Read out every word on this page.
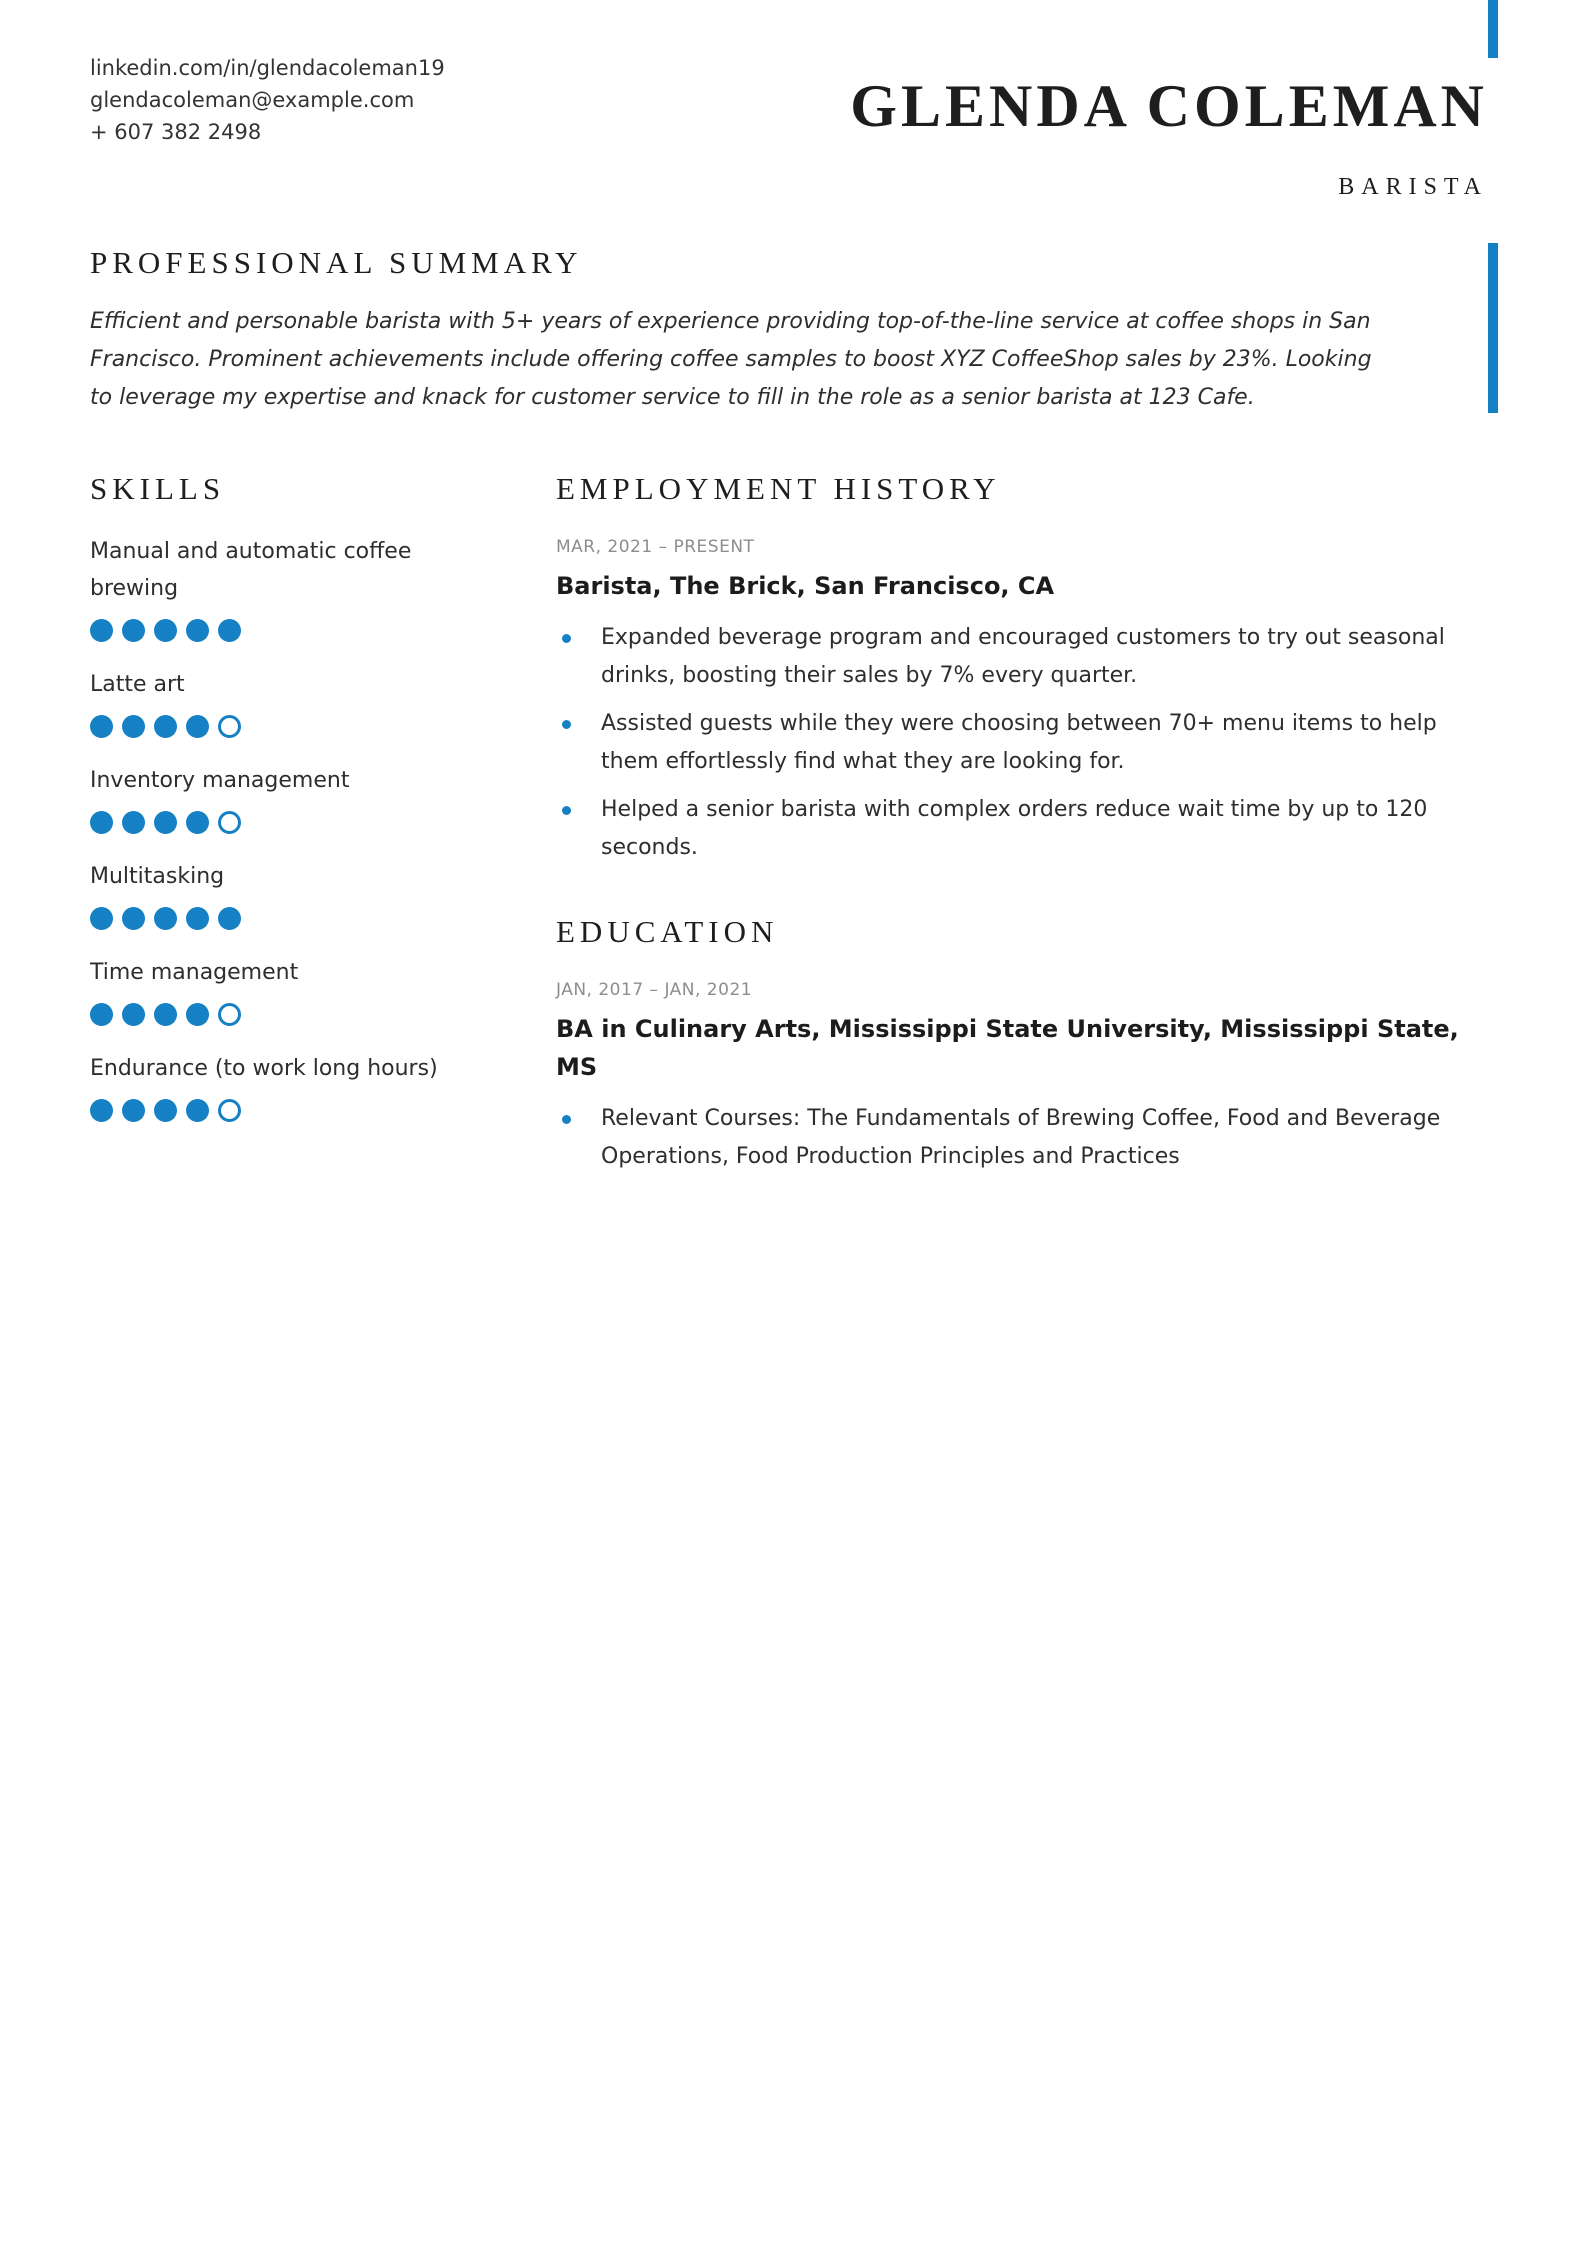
linkedin.com/in/glendacoleman19
glendacoleman@example.com
+ 607 382 2498	GLENDA COLEMAN
BARISTA
PROFESSIONAL SUMMARY

Efficient and personable barista with 5+ years of experience providing top-of-the-line service at coffee shops in San Francisco. Prominent achievements include offering coffee samples to boost XYZ CoffeeShop sales by 23%. Looking to leverage my expertise and knack for customer service to fill in the role as a senior barista at 123 Cafe.

SKILLS
Manual and automatic coffee brewing
Latte art
Inventory management
Multitasking
Time management
Endurance (to work long hours)
EMPLOYMENT HISTORY
MAR, 2021 – PRESENT
Barista, The Brick, San Francisco, CA
Expanded beverage program and encouraged customers to try out seasonal drinks, boosting their sales by 7% every quarter.
Assisted guests while they were choosing between 70+ menu items to help them effortlessly find what they are looking for.
Helped a senior barista with complex orders reduce wait time by up to 120 seconds.
EDUCATION
JAN, 2017 – JAN, 2021
BA in Culinary Arts, Mississippi State University, Mississippi State, MS
Relevant Courses: The Fundamentals of Brewing Coffee, Food and Beverage Operations, Food Production Principles and Practices
